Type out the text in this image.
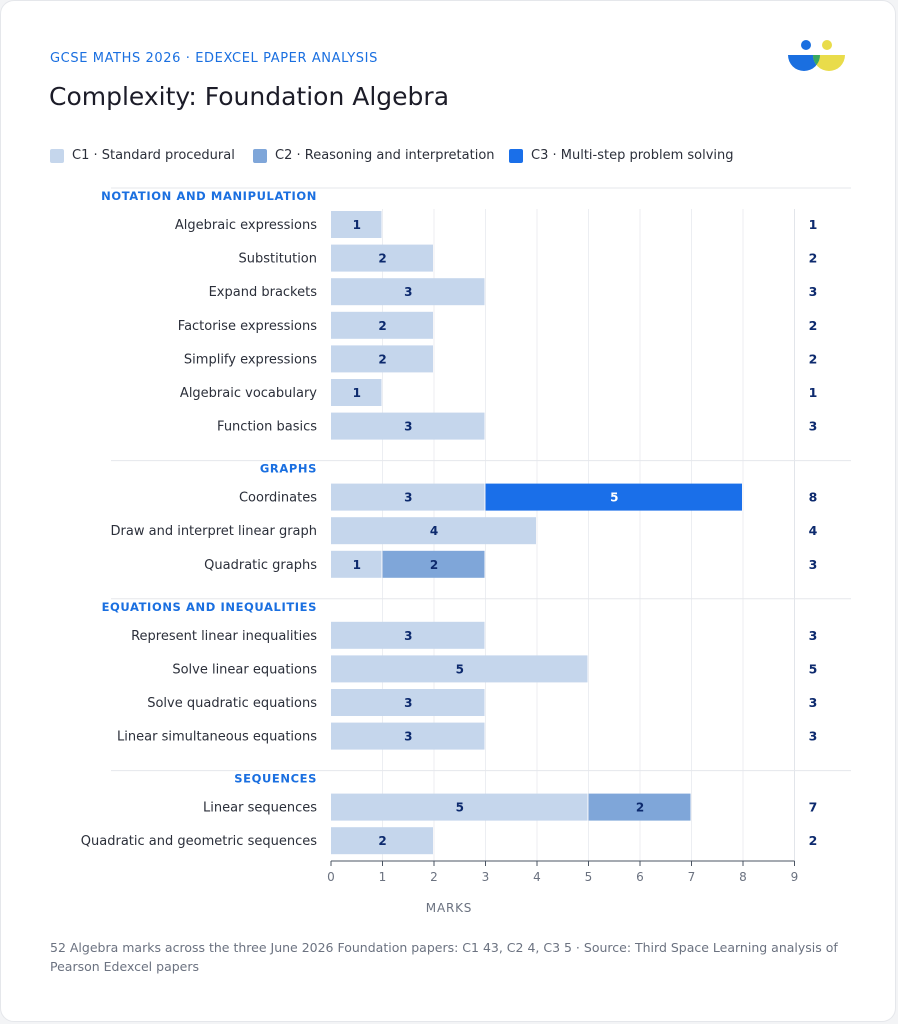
GCSE MATHS 2026 · EDEXCEL PAPER ANALYSIS
Complexity: Foundation Algebra
C1 · Standard procedural	C2 · Reasoning and interpretation	C3 · Multi-step problem solving
NOTATION AND MANIPULATION
Algebraic expressions	1	1
Substitution	2	2
Expand brackets	3	3
Factorise expressions	2	2
Simplify expressions	2	2
Algebraic vocabulary	1	1
Function basics	3	3
GRAPHS
Coordinates	3	5	8
Draw and interpret linear graph	4	4
Quadratic graphs	1	2	3
EQUATIONS AND INEQUALITIES
Represent linear inequalities	3	3
Solve linear equations	5	5
Solve quadratic equations	3	3
Linear simultaneous equations	3	3
SEQUENCES
Linear sequences	5	2	7
Quadratic and geometric sequences	2	2
0	1	2	3	4	5	6	7	8	9
MARKS
52 Algebra marks across the three June 2026 Foundation papers: C1 43, C2 4, C3 5 · Source: Third Space Learning analysis of Pearson Edexcel papers
